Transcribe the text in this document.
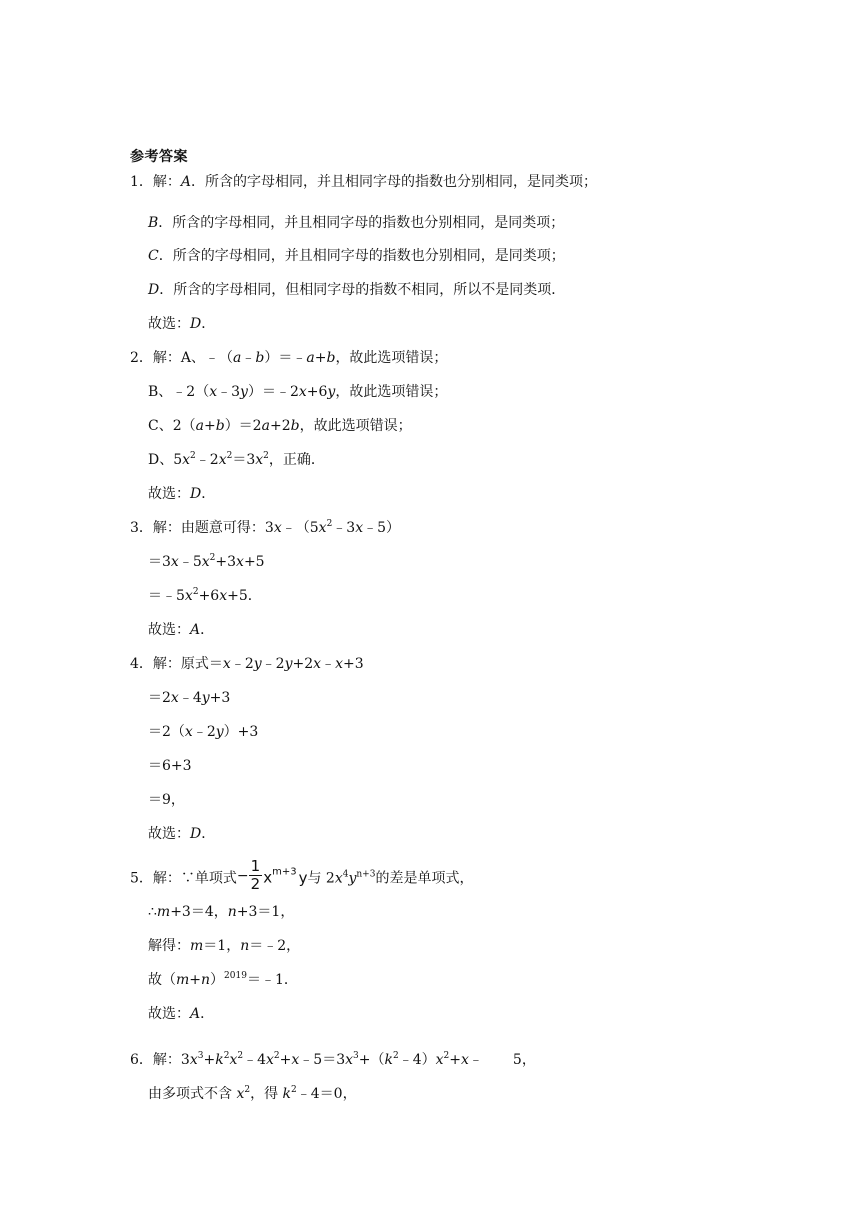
参考答案
1．解：A．所含的字母相同，并且相同字母的指数也分别相同，是同类项；
B．所含的字母相同，并且相同字母的指数也分别相同，是同类项；
C．所含的字母相同，并且相同字母的指数也分别相同，是同类项；
D．所含的字母相同，但相同字母的指数不相同，所以不是同类项．
故选：D．
2．解：A、﹣（a﹣b）＝﹣a+b，故此选项错误；
B、﹣2（x﹣3y）＝﹣2x+6y，故此选项错误；
C、2（a+b）＝2a+2b，故此选项错误；
D、$5x^2﹣2x^2=3x^2$，正确．
故选：D．
3．解：由题意可得：$3x﹣(5x^2﹣3x﹣5)$
$=3x﹣5x^2+3x+5$
$=﹣5x^2+6x+5$．
故选：A．
4．解：原式＝x﹣2y﹣2y+2x﹣x+3
＝2x﹣4y+3
＝2（x﹣2y）+3
＝6+3
＝9，
故选：D．
5．解：∵单项式− $\frac{1}{2} x^{m+3}$ y与 $2x^4y^{n+3}$的差是单项式，
∴m+3＝4，n+3＝1，
解得：m＝1，n＝﹣2，
故$(m+n)^{2019}=﹣1$．
故选：A．
6．解：$3x^3+k^2x^2﹣4x^2+x﹣5=3x^3+(k^2﹣4)x^2+x﹣$ 5，
由多项式不含 $x^2$，得 $k^2﹣4=0$，
